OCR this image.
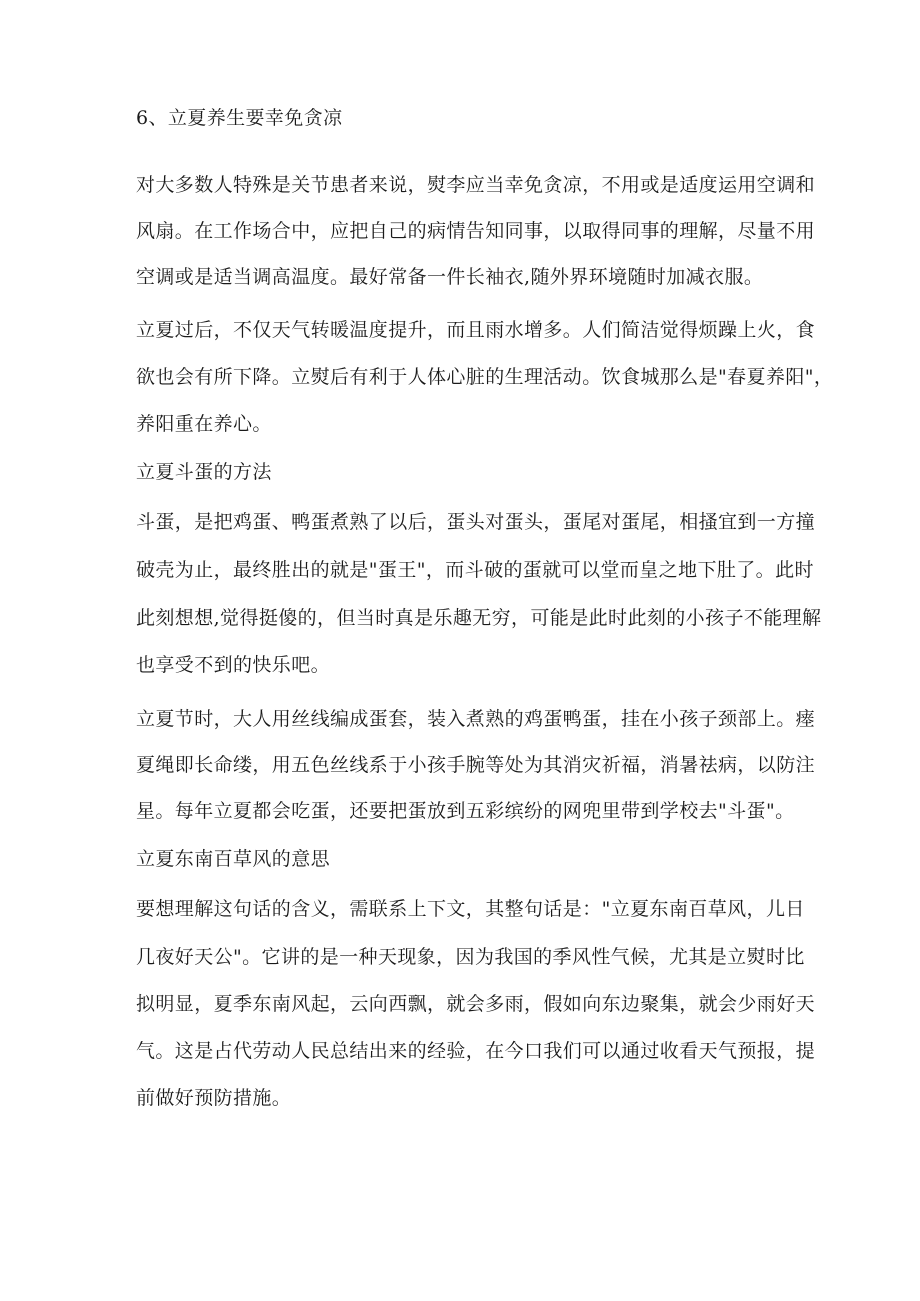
6、立夏养生要幸免贪凉
对大多数人特殊是关节患者来说，熨李应当幸免贪凉，不用或是适度运用空调和
风扇。在工作场合中，应把自己的病情告知同事，以取得同事的理解，尽量不用
空调或是适当调高温度。最好常备一件长袖衣,随外界环境随时加减衣服。
立夏过后，不仅天气转暖温度提升，而且雨水增多。人们简洁觉得烦躁上火，食
欲也会有所下降。立熨后有利于人体心脏的生理活动。饮食城那么是"春夏养阳"，
养阳重在养心。
立夏斗蛋的方法
斗蛋，是把鸡蛋、鸭蛋煮熟了以后，蛋头对蛋头，蛋尾对蛋尾，相搔宜到一方撞
破壳为止，最终胜出的就是"蛋王"，而斗破的蛋就可以堂而皇之地下肚了。此时
此刻想想,觉得挺傻的，但当时真是乐趣无穷，可能是此时此刻的小孩子不能理解
也享受不到的快乐吧。
立夏节时，大人用丝线编成蛋套，装入煮熟的鸡蛋鸭蛋，挂在小孩子颈部上。瘗
夏绳即长命缕，用五色丝线系于小孩手腕等处为其消灾祈福，消暑祛病，以防注
星。每年立夏都会吃蛋，还要把蛋放到五彩缤纷的网兜里带到学校去"斗蛋"。
立夏东南百草风的意思
要想理解这句话的含义，需联系上下文，其整句话是："立夏东南百草风，儿日
几夜好天公"。它讲的是一种天现象，因为我国的季风性气候，尤其是立熨时比
拟明显，夏季东南风起，云向西飘，就会多雨，假如向东边聚集，就会少雨好天
气。这是占代劳动人民总结出来的经验，在今口我们可以通过收看天气预报，提
前做好预防措施。
